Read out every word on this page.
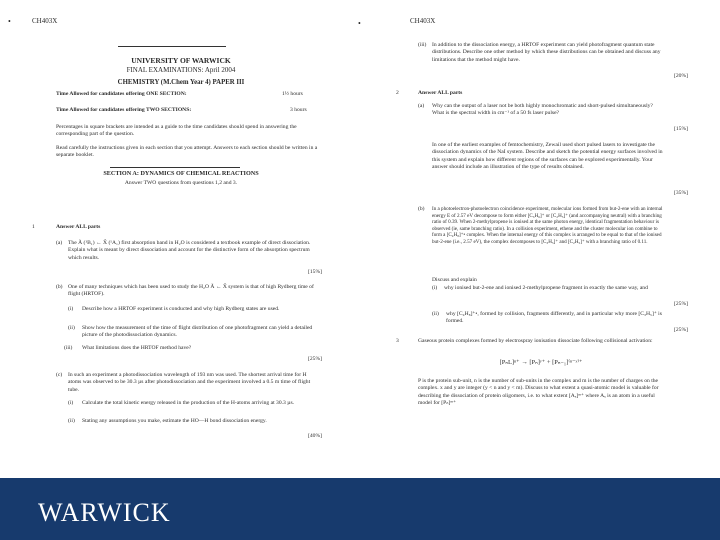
•	CH403X
UNIVERSITY OF WARWICK
FINAL EXAMINATIONS: April 2004
CHEMISTRY (M.Chem Year 4) PAPER III
Time Allowed for candidates offering ONE SECTION:	1½ hours
Time Allowed for candidates offering TWO SECTIONS:	3 hours
Percentages in square brackets are intended as a guide to the time candidates should spend in answering the corresponding part of the question.
Read carefully the instructions given in each section that you attempt. Answers to each section should be written in a separate booklet.
SECTION A: DYNAMICS OF CHEMICAL REACTIONS
Answer TWO questions from questions 1,2 and 3.
1	Answer ALL parts
(a) The Ã (¹B₁) ← X̃ (¹A₁) first absorption band in H₂O is considered a textbook example of direct dissociation. Explain what is meant by direct dissociation and account for the distinctive form of the absorption spectrum which results.
[15%]
(b) One of many techniques which has been used to study the H₂O Ã ← X̃ system is that of high Rydberg time of flight (HRTOF).
(i) Describe how a HRTOF experiment is conducted and why high Rydberg states are used.
(ii) Show how the measurement of the time of flight distribution of one photofragment can yield a detailed picture of the photodissociation dynamics.
(iii) What limitations does the HRTOF method have?
[25%]
(c) In such an experiment a photodissociation wavelength of 193 nm was used. The shortest arrival time for H atoms was observed to be 30.3 µs after photodissociation and the experiment involved a 0.5 m time of flight tube.
(i) Calculate the total kinetic energy released in the production of the H-atoms arriving at 30.3 µs.
(ii) Stating any assumptions you make, estimate the HO—H bond dissociation energy.
[40%]
•	CH403X
(iii) In addition to the dissociation energy, a HRTOF experiment can yield photofragment quantum state distributions. Describe one other method by which these distributions can be obtained and discuss any limitations that the method might have.
[20%]
2	Answer ALL parts
(a) Why can the output of a laser not be both highly monochromatic and short-pulsed simultaneously? What is the spectral width in cm⁻¹ of a 50 fs laser pulse?
[15%]
In one of the earliest examples of femtochemistry, Zewail used short pulsed lasers to investigate the dissociation dynamics of the NaI system. Describe and sketch the potential energy surfaces involved in this system and explain how different regions of the surfaces can be explored experimentally. Your answer should include an illustration of the type of results obtained.
[35%]
(b) In a photoelectron-photoelectron coincidence experiment, molecular ions formed from but-2-ene with an internal energy E of 2.57 eV decompose to form either [C₃H₆]⁺ or [C₂H₅]⁺ (and accompanying neutral) with a branching ratio of 0.39. When 2-methylpropene is ionised at the same photon energy, identical fragmentation behaviour is observed (ie, same branching ratio). In a collision experiment, ethene and the cluster molecular ion combine to form a [C₄H₈]⁺• complex. When the internal energy of this complex is arranged to be equal to that of the ionised but-2-ene (i.e., 2.57 eV), the complex decomposes to [C₃H₅]⁺ and [C₂H₅]⁺ with a branching ratio of 0.11.
Discuss and explain
(i) why ionised but-2-ene and ionised 2-methylpropene fragment in exactly the same way, and
[25%]
(ii) why [C₄H₈]⁺•, formed by collision, fragments differently, and in particular why more [C₃H₅]⁺ is formed.
[25%]
3	Gaseous protein complexes formed by electrospray ionisation dissociate following collisional activation:
[PₙL]ⁿ⁺ → [Pₙ]ʸ⁺ + [Pₙ₋₁]⁽ⁿ⁻ʸ⁾⁺
P is the protein sub-unit, n is the number of sub-units in the complex and m is the number of charges on the complex. x and y are integer (y < n and y < m). Discuss to what extent a quasi-atomic model is valuable for describing the dissociation of protein oligomers, i.e. to what extent [Aₓ]ᵐ⁺ where Aₓ is an atom in a useful model for [Pₙ]ᵐ⁺
WARWICK
